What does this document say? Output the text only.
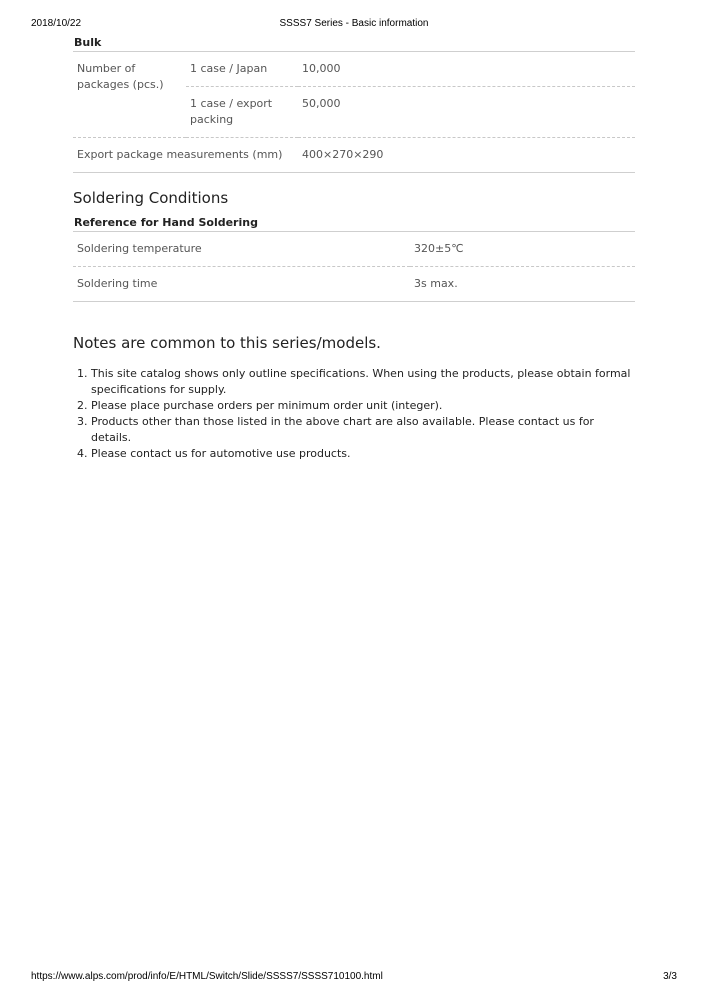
2018/10/22	SSSS7 Series - Basic information
Bulk
Number of packages (pcs.)	1 case / Japan	10,000
	1 case / export packing	50,000
Export package measurements (mm)		400×270×290
Soldering Conditions
Reference for Hand Soldering
Soldering temperature	320±5℃
Soldering time	3s max.
Notes are common to this series/models.
1. This site catalog shows only outline specifications. When using the products, please obtain formal specifications for supply.
2. Please place purchase orders per minimum order unit (integer).
3. Products other than those listed in the above chart are also available. Please contact us for details.
4. Please contact us for automotive use products.
https://www.alps.com/prod/info/E/HTML/Switch/Slide/SSSS7/SSSS710100.html	3/3
